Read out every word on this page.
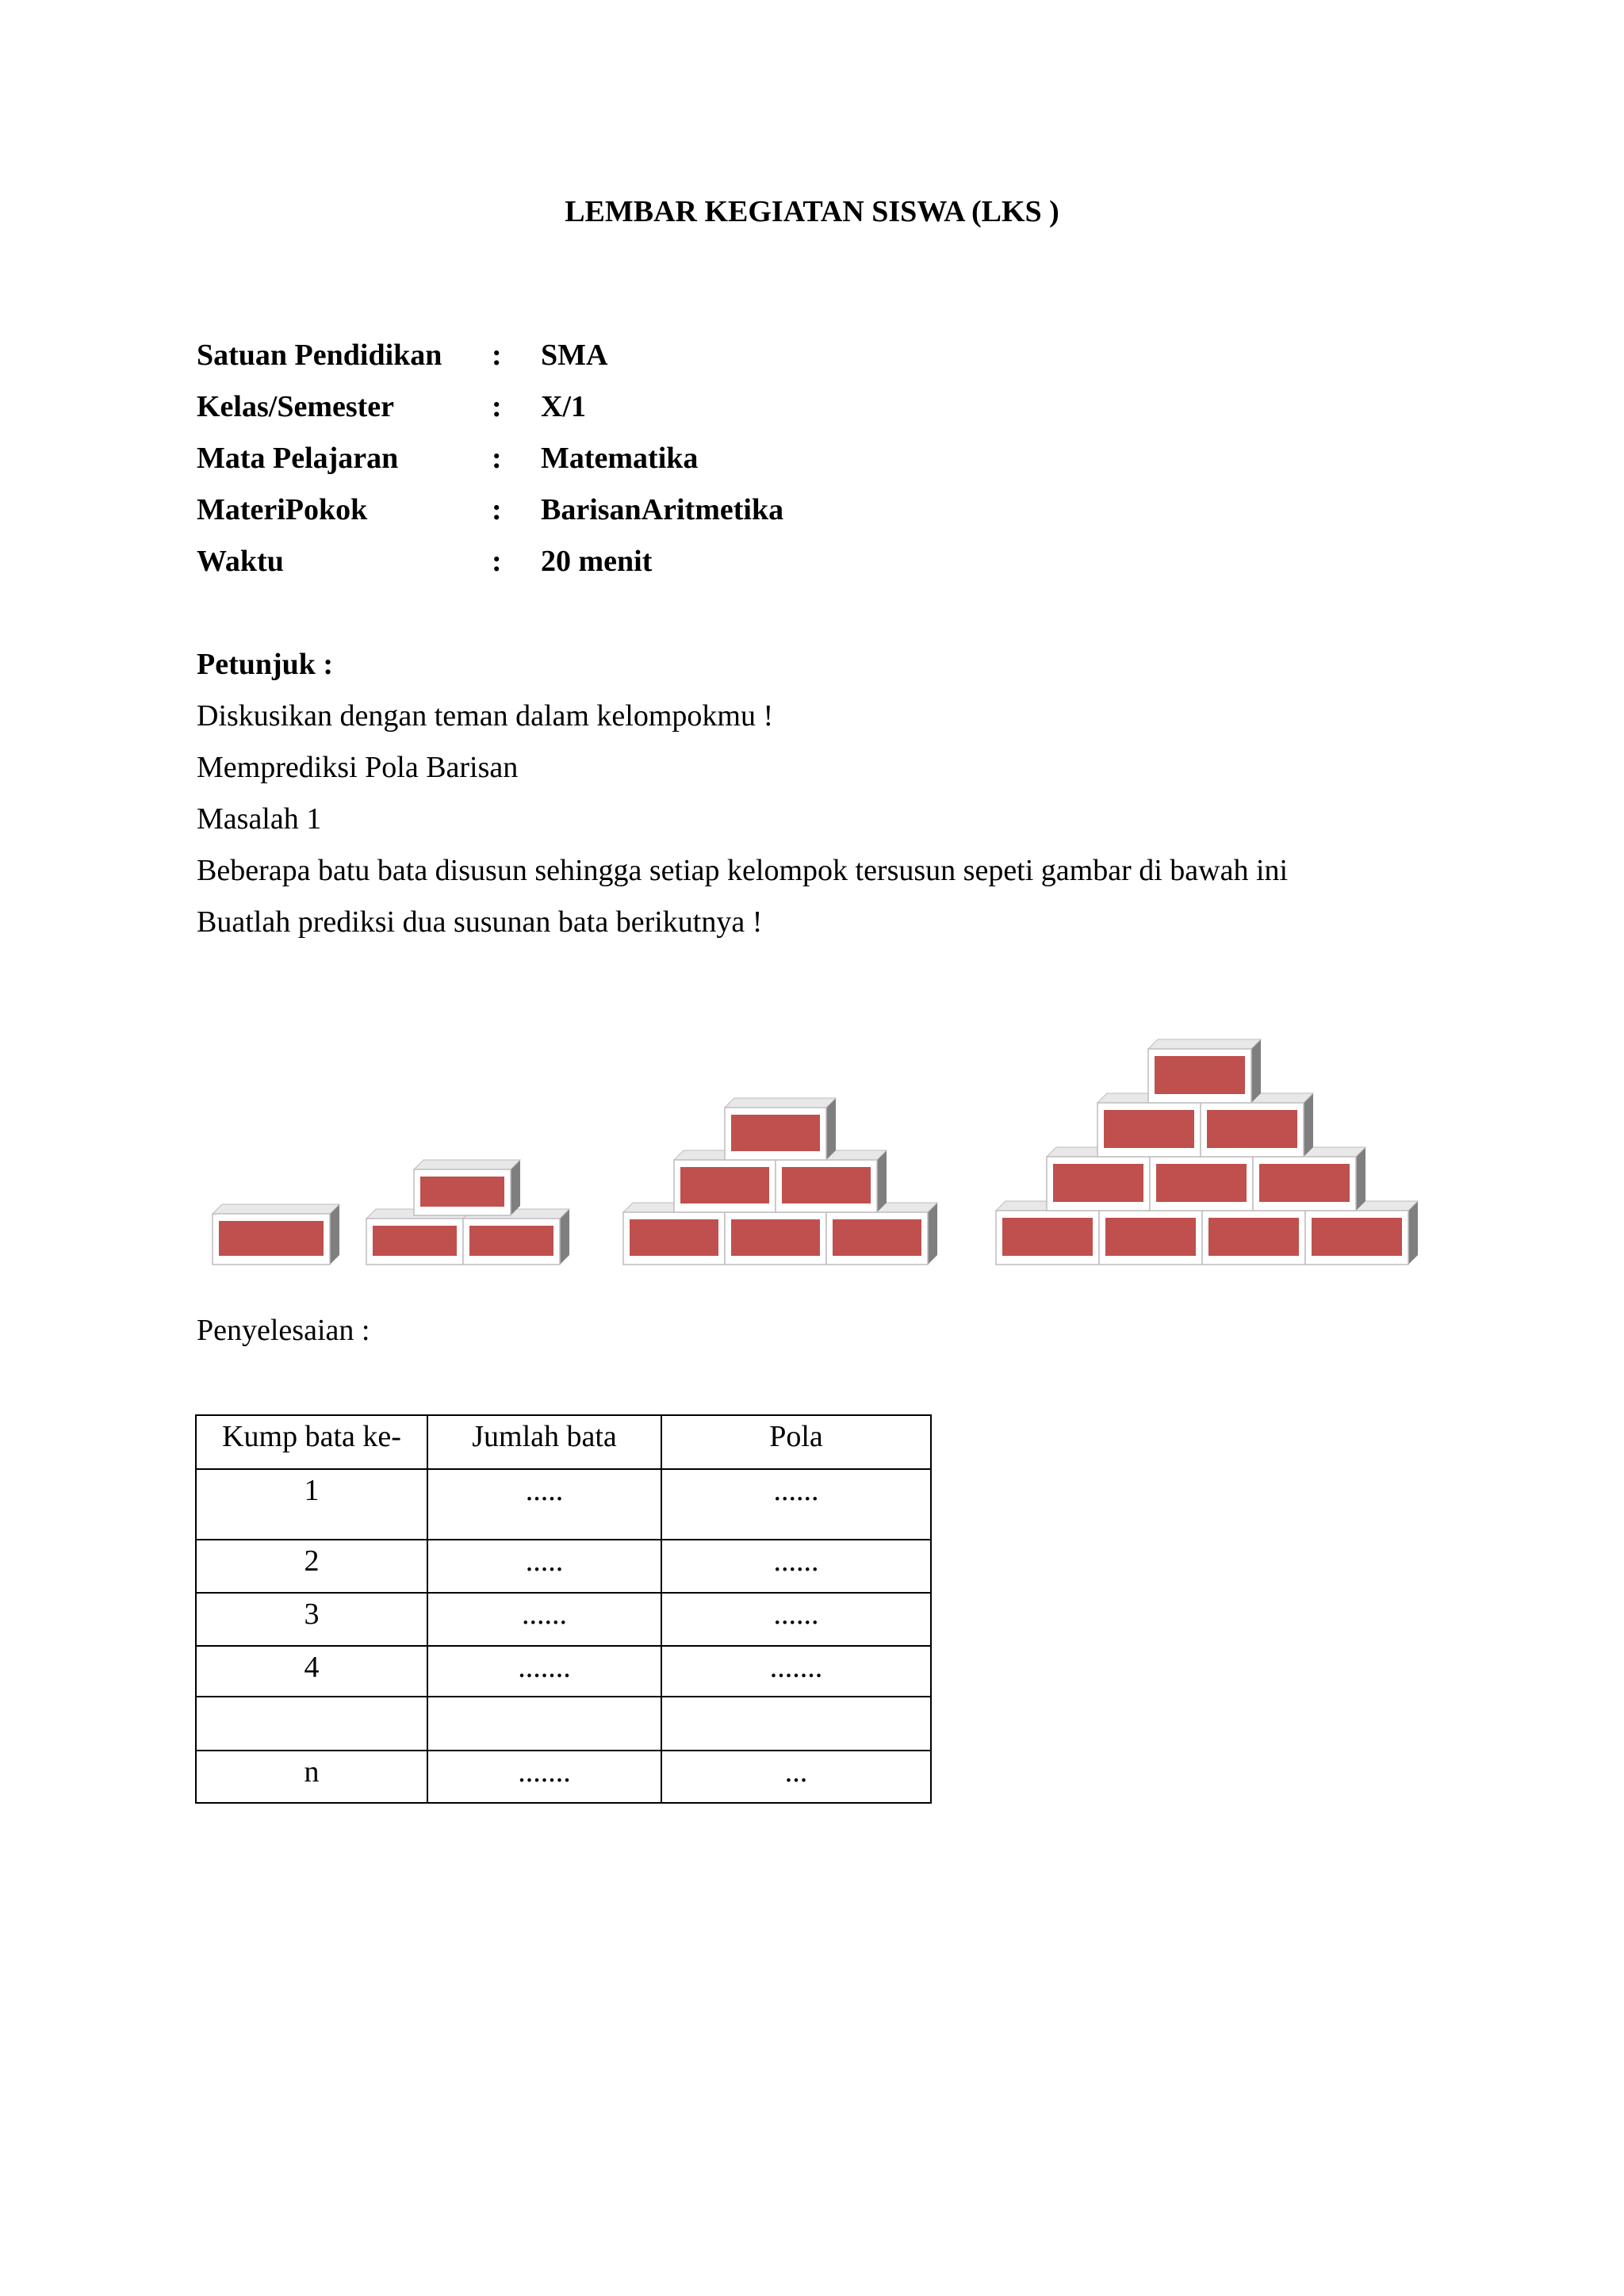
LEMBAR KEGIATAN SISWA (LKS )
Satuan Pendidikan : SMA
Kelas/Semester	: X/1
Mata Pelajaran	: Matematika
MateriPokok	: BarisanAritmetika
Waktu	: 20 menit
Petunjuk :
Diskusikan dengan teman dalam kelompokmu !
Memprediksi Pola Barisan
Masalah 1
Beberapa batu bata disusun sehingga setiap kelompok tersusun sepeti gambar di bawah ini
Buatlah prediksi dua susunan bata berikutnya !
Penyelesaian :
Kump bata ke-	Jumlah bata	Pola
1	.....	......
2	.....	......
3	......	......
4	.......	.......

n	.......	...
